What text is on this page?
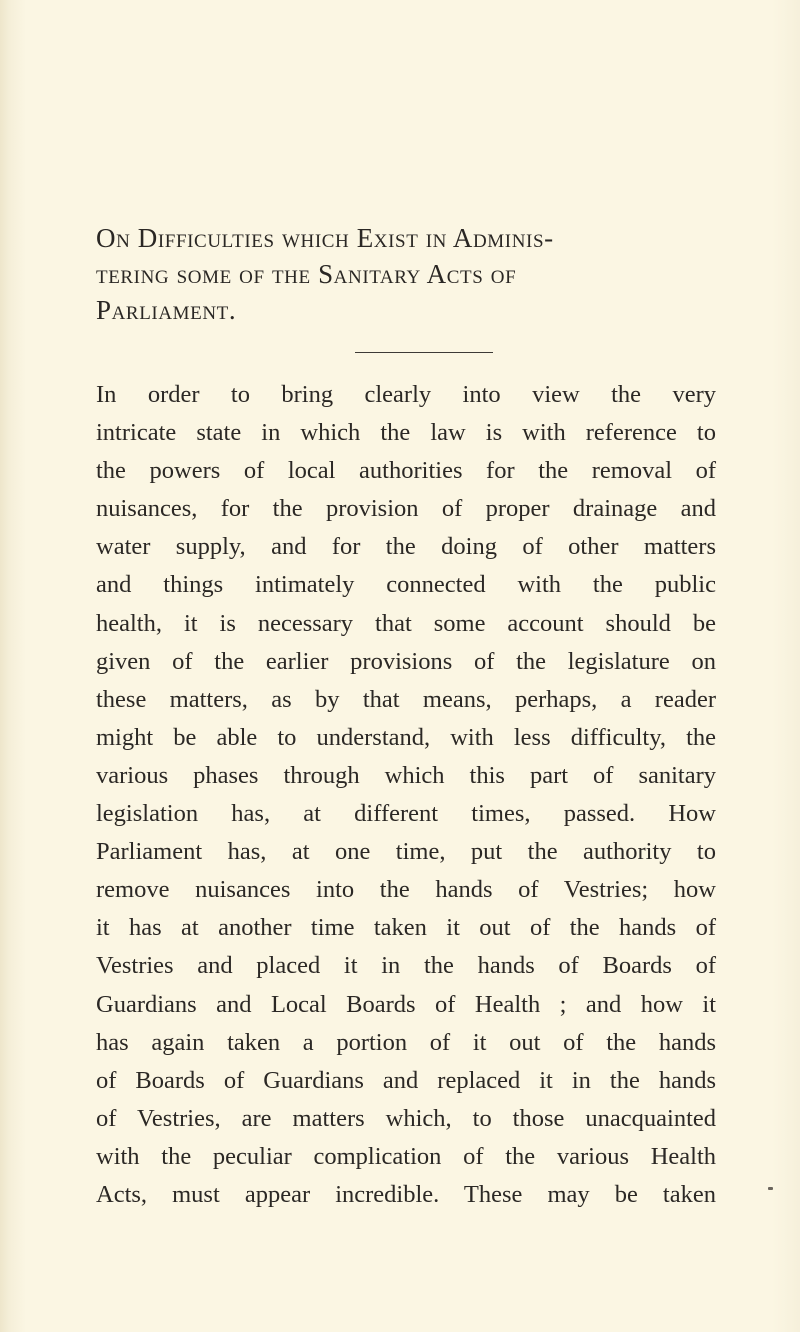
On Difficulties which Exist in Adminis-
tering some of the Sanitary Acts of
Parliament.
In order to bring clearly into view the very
intricate state in which the law is with reference to
the powers of local authorities for the removal of
nuisances, for the provision of proper drainage and
water supply, and for the doing of other matters
and things intimately connected with the public
health, it is necessary that some account should be
given of the earlier provisions of the legislature on
these matters, as by that means, perhaps, a reader
might be able to understand, with less difficulty, the
various phases through which this part of sanitary
legislation has, at different times, passed. How
Parliament has, at one time, put the authority to
remove nuisances into the hands of Vestries; how
it has at another time taken it out of the hands of
Vestries and placed it in the hands of Boards of
Guardians and Local Boards of Health ; and how it
has again taken a portion of it out of the hands
of Boards of Guardians and replaced it in the hands
of Vestries, are matters which, to those unacquainted
with the peculiar complication of the various Health
Acts, must appear incredible. These may be taken
